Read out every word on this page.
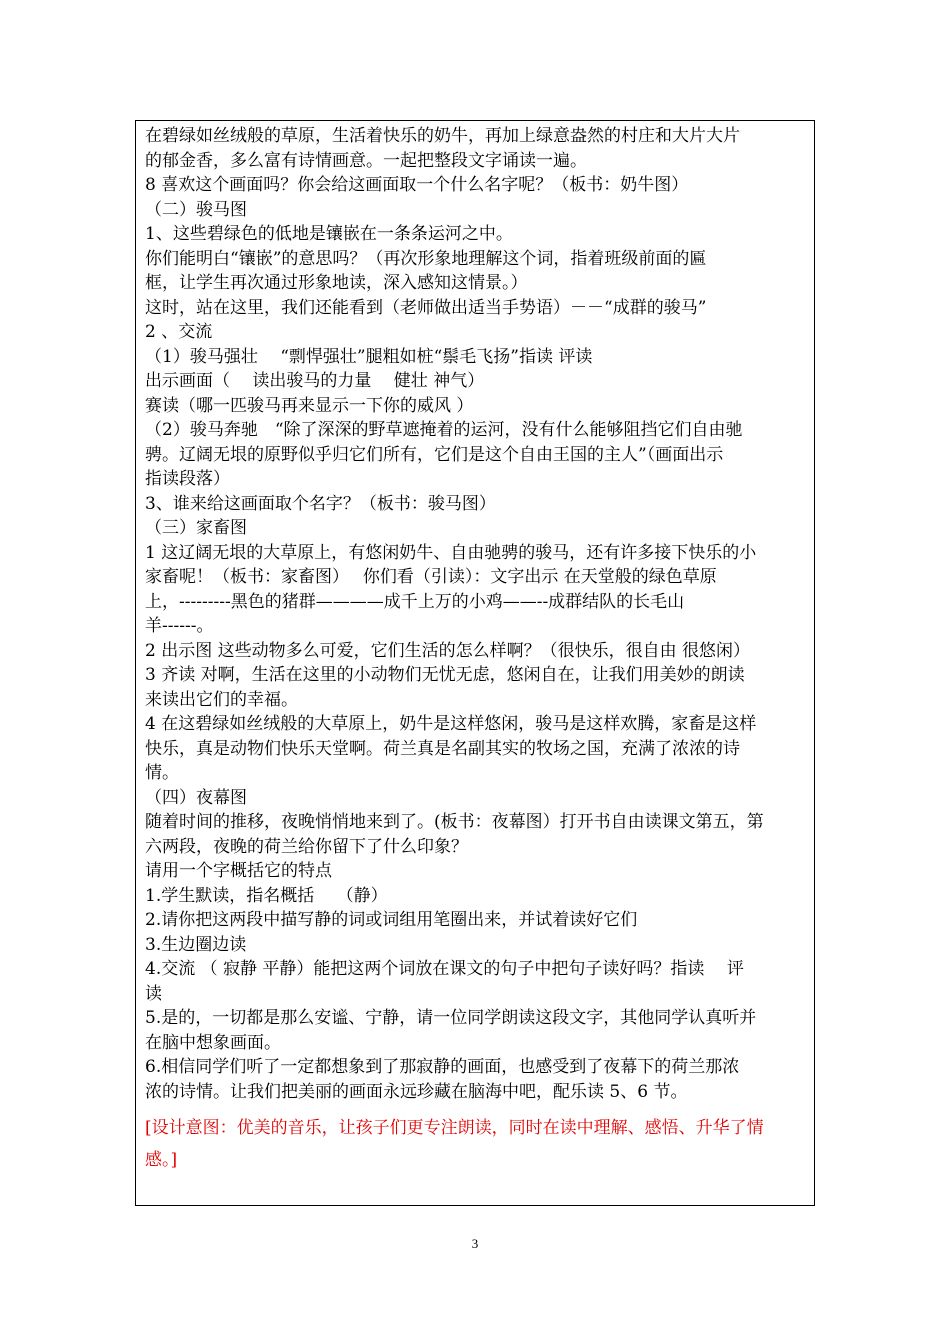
在碧绿如丝绒般的草原，生活着快乐的奶牛，再加上绿意盎然的村庄和大片大片
的郁金香，多么富有诗情画意。一起把整段文字诵读一遍。
8 喜欢这个画面吗？你会给这画面取一个什么名字呢？（板书：奶牛图）
（二）骏马图
1、这些碧绿色的低地是镶嵌在一条条运河之中。
你们能明白“镶嵌”的意思吗？（再次形象地理解这个词，指着班级前面的匾
框，让学生再次通过形象地读，深入感知这情景。）
这时，站在这里，我们还能看到（老师做出适当手势语）－－“成群的骏马”
2 、交流
（1）骏马强壮　 “剽悍强壮”腿粗如桩“鬃毛飞扬”指读 评读
出示画面（　 读出骏马的力量　 健壮 神气）
赛读（哪一匹骏马再来显示一下你的威风 ）
（2）骏马奔驰　“除了深深的野草遮掩着的运河，没有什么能够阻挡它们自由驰
骋。辽阔无垠的原野似乎归它们所有，它们是这个自由王国的主人”（画面出示
指读段落）
3、谁来给这画面取个名字？（板书：骏马图）
（三）家畜图
1 这辽阔无垠的大草原上，有悠闲奶牛、自由驰骋的骏马，还有许多接下快乐的小
家畜呢！（板书：家畜图）　 你们看（引读）：文字出示 在天堂般的绿色草原
上，---------黑色的猪群————成千上万的小鸡——--成群结队的长毛山
羊------。
2 出示图 这些动物多么可爱，它们生活的怎么样啊？（很快乐，很自由 很悠闲）
3 齐读 对啊，生活在这里的小动物们无忧无虑，悠闲自在，让我们用美妙的朗读
来读出它们的幸福。
4 在这碧绿如丝绒般的大草原上，奶牛是这样悠闲，骏马是这样欢腾，家畜是这样
快乐，真是动物们快乐天堂啊。荷兰真是名副其实的牧场之国，充满了浓浓的诗
情。
（四）夜幕图
随着时间的推移，夜晚悄悄地来到了。(板书：夜幕图）打开书自由读课文第五，第
六两段，夜晚的荷兰给你留下了什么印象？
请用一个字概括它的特点
1.学生默读，指名概括　 （静）
2.请你把这两段中描写静的词或词组用笔圈出来，并试着读好它们
3.生边圈边读
4.交流 （ 寂静 平静）能把这两个词放在课文的句子中把句子读好吗？指读　 评
读
5.是的，一切都是那么安谧、宁静，请一位同学朗读这段文字，其他同学认真听并
在脑中想象画面。
6.相信同学们听了一定都想象到了那寂静的画面，也感受到了夜幕下的荷兰那浓
浓的诗情。让我们把美丽的画面永远珍藏在脑海中吧，配乐读 5、6 节。
[设计意图：优美的音乐，让孩子们更专注朗读，同时在读中理解、感悟、升华了情
感。]
3
